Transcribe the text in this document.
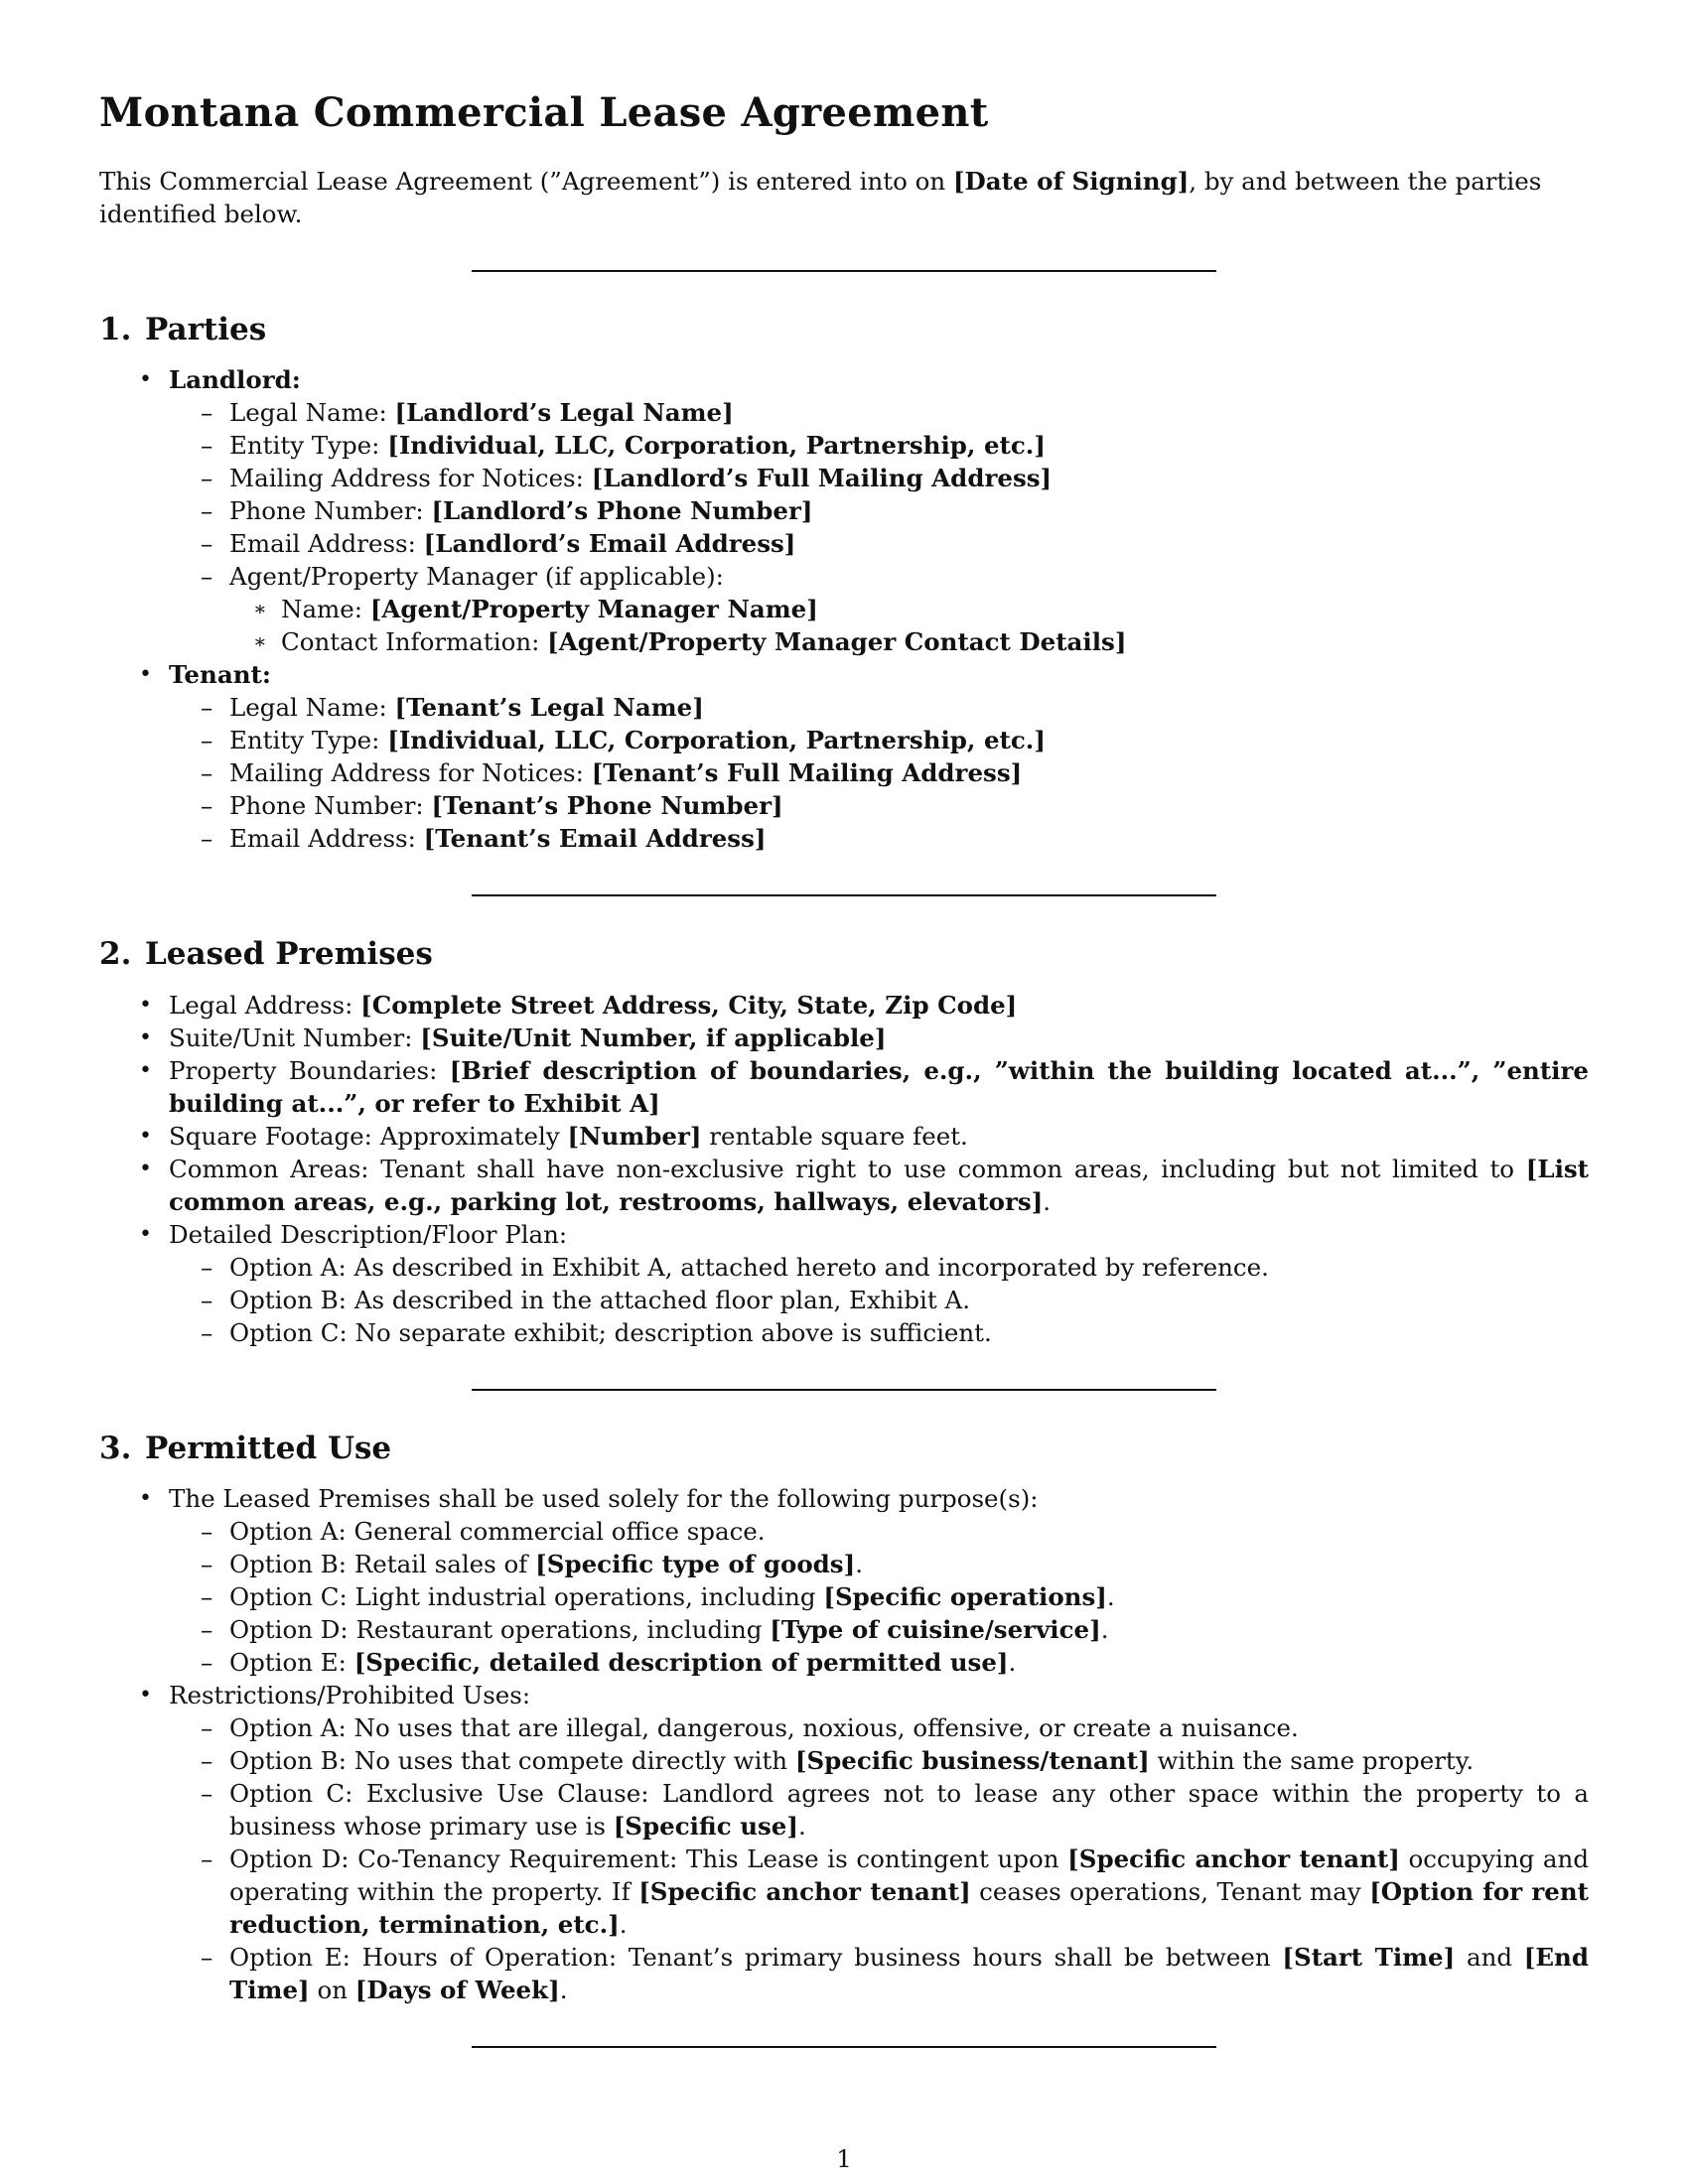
Montana Commercial Lease Agreement

This Commercial Lease Agreement (”Agreement”) is entered into on [Date of Signing], by and between the parties identified below.

1. Parties
• Landlord:
– Legal Name: [Landlord’s Legal Name]
– Entity Type: [Individual, LLC, Corporation, Partnership, etc.]
– Mailing Address for Notices: [Landlord’s Full Mailing Address]
– Phone Number: [Landlord’s Phone Number]
– Email Address: [Landlord’s Email Address]
– Agent/Property Manager (if applicable):
∗ Name: [Agent/Property Manager Name]
∗ Contact Information: [Agent/Property Manager Contact Details]
• Tenant:
– Legal Name: [Tenant’s Legal Name]
– Entity Type: [Individual, LLC, Corporation, Partnership, etc.]
– Mailing Address for Notices: [Tenant’s Full Mailing Address]
– Phone Number: [Tenant’s Phone Number]
– Email Address: [Tenant’s Email Address]
2. Leased Premises
• Legal Address: [Complete Street Address, City, State, Zip Code]
• Suite/Unit Number: [Suite/Unit Number, if applicable]
• Property Boundaries: [Brief description of boundaries, e.g., ”within the building located at...”, ”entire building at...”, or refer to Exhibit A]
• Square Footage: Approximately [Number] rentable square feet.
• Common Areas: Tenant shall have non-exclusive right to use common areas, including but not limited to [List common areas, e.g., parking lot, restrooms, hallways, elevators].
• Detailed Description/Floor Plan:
– Option A: As described in Exhibit A, attached hereto and incorporated by reference.
– Option B: As described in the attached floor plan, Exhibit A.
– Option C: No separate exhibit; description above is sufficient.
3. Permitted Use
• The Leased Premises shall be used solely for the following purpose(s):
– Option A: General commercial office space.
– Option B: Retail sales of [Specific type of goods].
– Option C: Light industrial operations, including [Specific operations].
– Option D: Restaurant operations, including [Type of cuisine/service].
– Option E: [Specific, detailed description of permitted use].
• Restrictions/Prohibited Uses:
– Option A: No uses that are illegal, dangerous, noxious, offensive, or create a nuisance.
– Option B: No uses that compete directly with [Specific business/tenant] within the same property.
– Option C: Exclusive Use Clause: Landlord agrees not to lease any other space within the property to a business whose primary use is [Specific use].
– Option D: Co-Tenancy Requirement: This Lease is contingent upon [Specific anchor tenant] occupying and operating within the property. If [Specific anchor tenant] ceases operations, Tenant may [Option for rent reduction, termination, etc.].
– Option E: Hours of Operation: Tenant’s primary business hours shall be between [Start Time] and [End Time] on [Days of Week].
1
